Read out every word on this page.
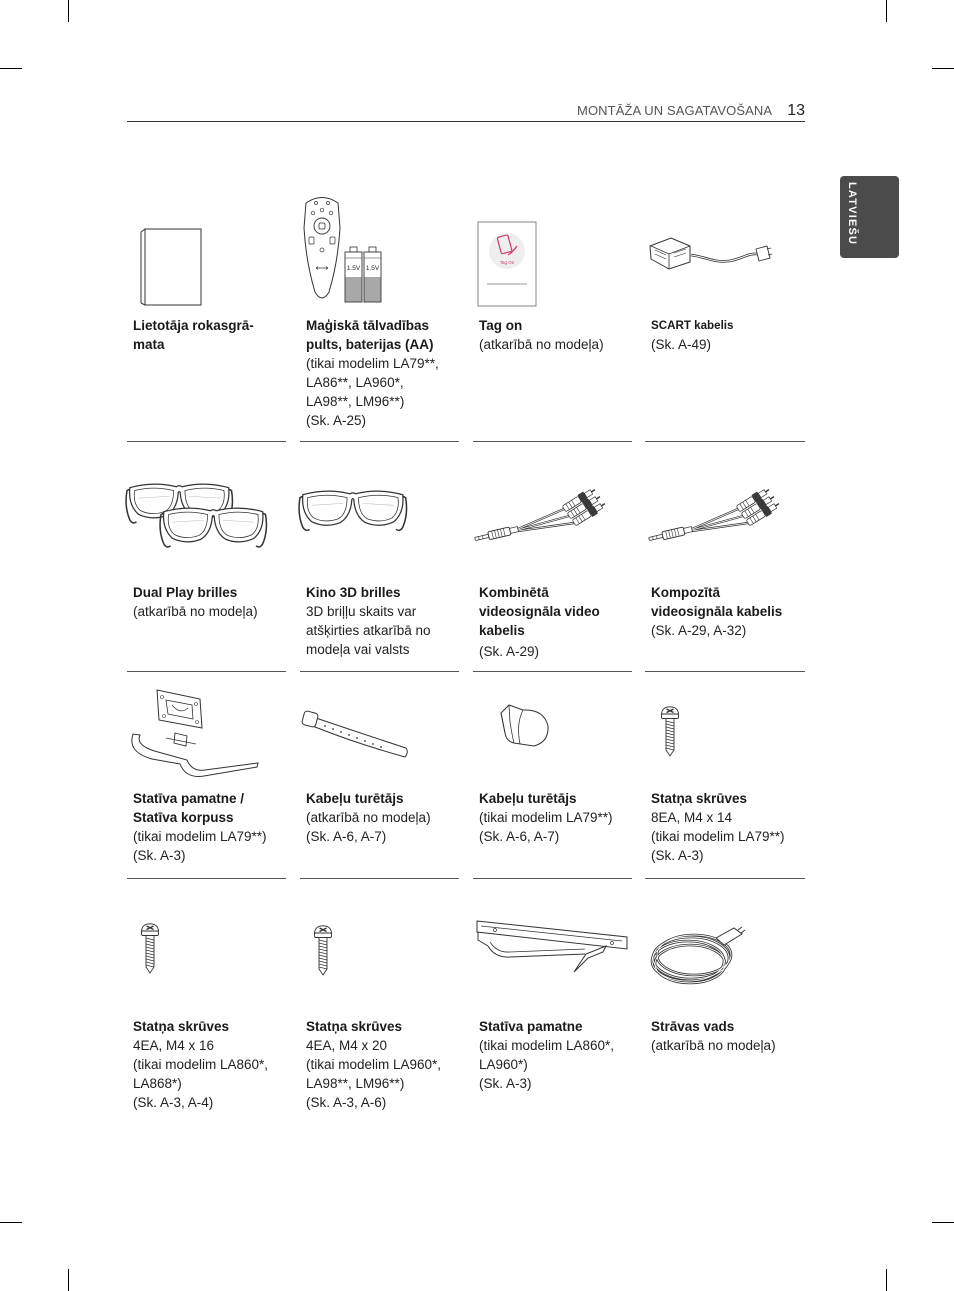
MONTĀŽA UN SAGATAVOŠANA 13
LATVIEŠU
1.5V 1.5V
Tag On
Lietotāja rokasgrā-
mata
Maģiskā tālvadības
pults, baterijas (AA)
(tikai modelim LA79**,
LA86**, LA960*,
LA98**, LM96**)
(Sk. A-25)
Tag on
(atkarībā no modeļa)
SCART kabelis
(Sk. A-49)
Dual Play brilles
(atkarībā no modeļa)
Kino 3D brilles
3D briļļu skaits var
atšķirties atkarībā no
modeļa vai valsts
Kombinētā
videosignāla video
kabelis
(Sk. A-29)
Kompozītā
videosignāla kabelis
(Sk. A-29, A-32)
Statīva pamatne /
Statīva korpuss
(tikai modelim LA79**)
(Sk. A-3)
Kabeļu turētājs
(atkarībā no modeļa)
(Sk. A-6, A-7)
Kabeļu turētājs
(tikai modelim LA79**)
(Sk. A-6, A-7)
Statņa skrūves
8EA, M4 x 14
(tikai modelim LA79**)
(Sk. A-3)
Statņa skrūves
4EA, M4 x 16
(tikai modelim LA860*,
LA868*)
(Sk. A-3, A-4)
Statņa skrūves
4EA, M4 x 20
(tikai modelim LA960*,
LA98**, LM96**)
(Sk. A-3, A-6)
Statīva pamatne
(tikai modelim LA860*,
LA960*)
(Sk. A-3)
Strāvas vads
(atkarībā no modeļa)
